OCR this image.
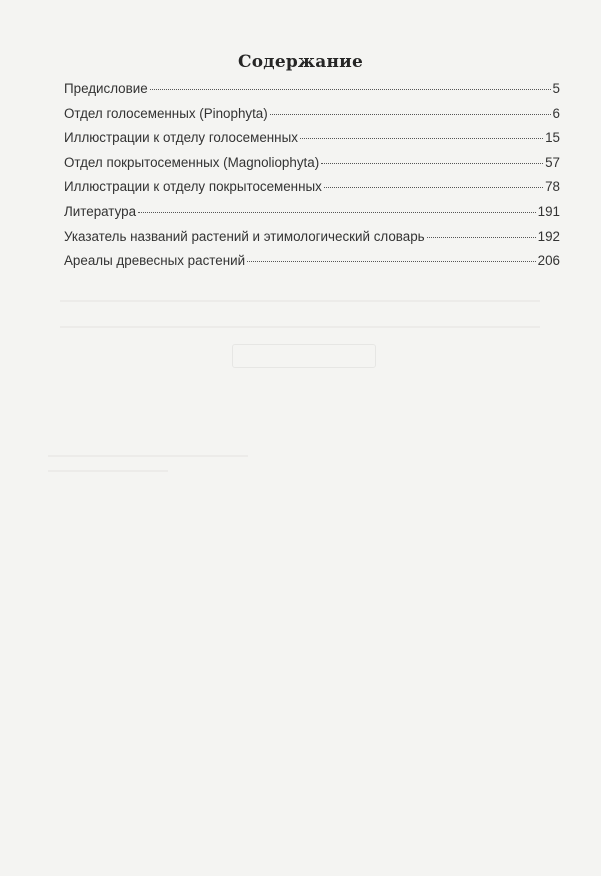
Содержание
Предисловие	5
Отдел голосеменных (Pinophyta)	6
Иллюстрации к отделу голосеменных	15
Отдел покрытосеменных (Magnoliophyta)	57
Иллюстрации к отделу покрытосеменных	78
Литература	191
Указатель названий растений и этимологический словарь	192
Ареалы древесных растений	206
